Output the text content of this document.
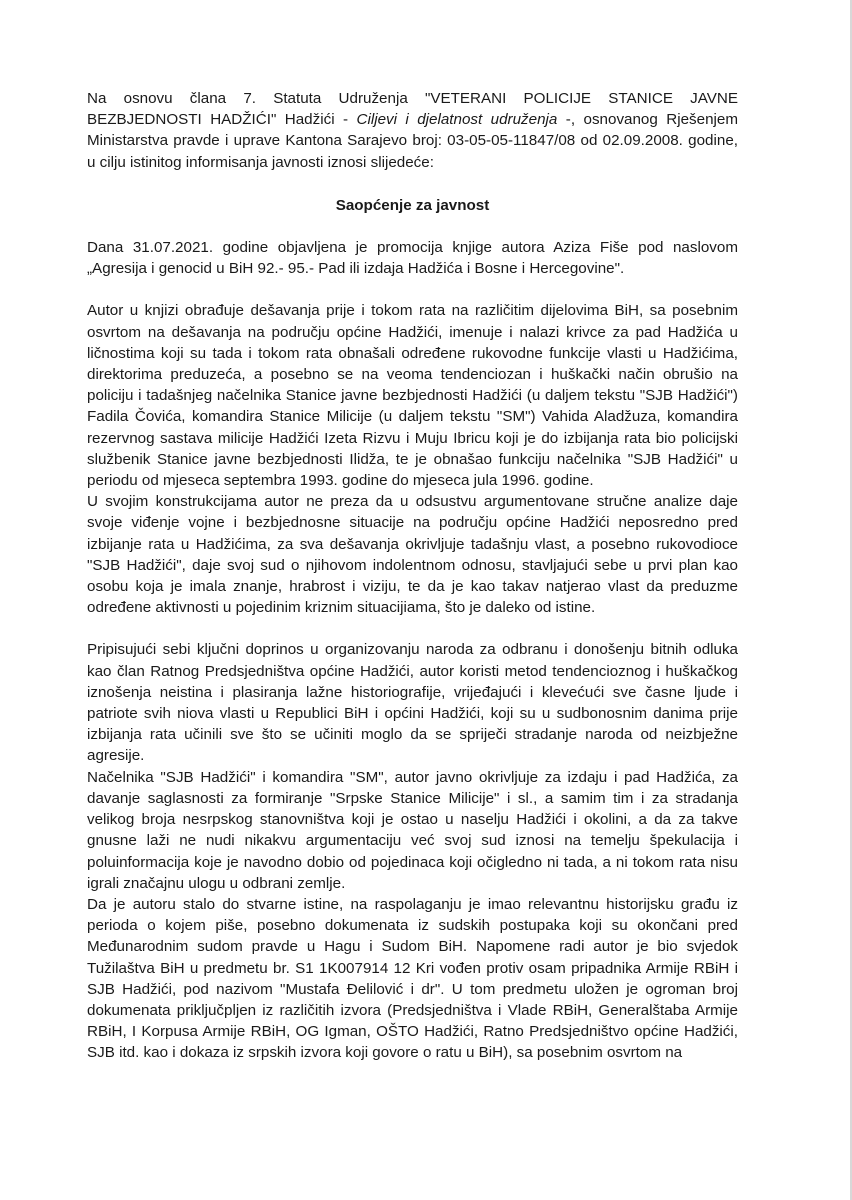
Na osnovu člana 7. Statuta Udruženja "VETERANI POLICIJE STANICE JAVNE BEZBJEDNOSTI HADŽIĆI" Hadžići - Ciljevi i djelatnost udruženja -, osnovanog Rješenjem Ministarstva pravde i uprave Kantona Sarajevo broj: 03-05-05-11847/08 od 02.09.2008. godine, u cilju istinitog informisanja javnosti iznosi slijedeće:

Saopćenje za javnost

Dana 31.07.2021. godine objavljena je promocija knjige autora Aziza Fiše pod naslovom „Agresija i genocid u BiH 92.- 95.- Pad ili izdaja Hadžića i Bosne i Hercegovine".

Autor u knjizi obrađuje dešavanja prije i tokom rata na različitim dijelovima BiH, sa posebnim osvrtom na dešavanja na području općine Hadžići, imenuje i nalazi krivce za pad Hadžića u ličnostima koji su tada i tokom rata obnašali određene rukovodne funkcije vlasti u Hadžićima, direktorima preduzeća, a posebno se na veoma tendenciozan i huškački način obrušio na policiju i tadašnjeg načelnika Stanice javne bezbjednosti Hadžići (u daljem tekstu "SJB Hadžići") Fadila Čovića, komandira Stanice Milicije (u daljem tekstu "SM") Vahida Aladžuza, komandira rezervnog sastava milicije Hadžići Izeta Rizvu i Muju Ibricu koji je do izbijanja rata bio policijski službenik Stanice javne bezbjednosti Ilidža, te je obnašao funkciju načelnika "SJB Hadžići" u periodu od mjeseca septembra 1993. godine do mjeseca jula 1996. godine.

U svojim konstrukcijama autor ne preza da u odsustvu argumentovane stručne analize daje svoje viđenje vojne i bezbjednosne situacije na području općine Hadžići neposredno pred izbijanje rata u Hadžićima, za sva dešavanja okrivljuje tadašnju vlast, a posebno rukovodioce "SJB Hadžići", daje svoj sud o njihovom indolentnom odnosu, stavljajući sebe u prvi plan kao osobu koja je imala znanje, hrabrost i viziju, te da je kao takav natjerao vlast da preduzme određene aktivnosti u pojedinim kriznim situacijiama, što je daleko od istine.

Pripisujući sebi ključni doprinos u organizovanju naroda za odbranu i donošenju bitnih odluka kao član Ratnog Predsjedništva općine Hadžići, autor koristi metod tendencioznog i huškačkog iznošenja neistina i plasiranja lažne historiografije, vrijeđajući i klevećući sve časne ljude i patriote svih niova vlasti u Republici BiH i općini Hadžići, koji su u sudbonosnim danima prije izbijanja rata učinili sve što se učiniti moglo da se spriječi stradanje naroda od neizbježne agresije.

Načelnika "SJB Hadžići" i komandira "SM", autor javno okrivljuje za izdaju i pad Hadžića, za davanje saglasnosti za formiranje "Srpske Stanice Milicije" i sl., a samim tim i za stradanja velikog broja nesrpskog stanovništva koji je ostao u naselju Hadžići i okolini, a da za takve gnusne laži ne nudi nikakvu argumentaciju već svoj sud iznosi na temelju špekulacija i poluinformacija koje je navodno dobio od pojedinaca koji očigledno ni tada, a ni tokom rata nisu igrali značajnu ulogu u odbrani zemlje.

Da je autoru stalo do stvarne istine, na raspolaganju je imao relevantnu historijsku građu iz perioda o kojem piše, posebno dokumenata iz sudskih postupaka koji su okončani pred Međunarodnim sudom pravde u Hagu i Sudom BiH. Napomene radi autor je bio svjedok Tužilaštva BiH u predmetu br. S1 1K007914 12 Kri vođen protiv osam pripadnika Armije RBiH i SJB Hadžići, pod nazivom "Mustafa Đelilović i dr". U tom predmetu uložen je ogroman broj dokumenata priključpljen iz različitih izvora (Predsjedništva i Vlade RBiH, Generalštaba Armije RBiH, I Korpusa Armije RBiH, OG Igman, OŠTO Hadžići, Ratno Predsjedništvo općine Hadžići, SJB itd. kao i dokaza iz srpskih izvora koji govore o ratu u BiH), sa posebnim osvrtom na
